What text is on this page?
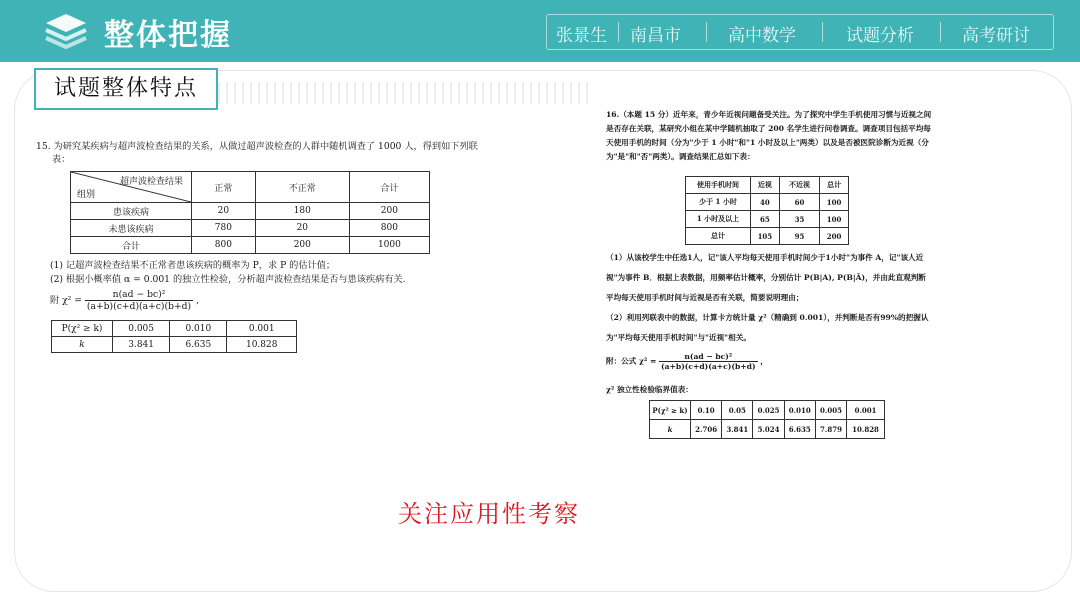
整体把握	张景生 南昌市	高中数学	试题分析	高考研讨
试题整体特点
15. 为研究某疾病与超声波检查结果的关系，从做过超声波检查的人群中随机调查了 1000 人，得到如下列联
表：
超声波检查结果
组别	正常	不正常	合计
患该疾病	20	180	200
未患该疾病	780	20	800
合计	800	200	1000
(1) 记超声波检查结果不正常者患该疾病的概率为 P，求 P 的估计值；
(2) 根据小概率值 α = 0.001 的独立性检验，分析超声波检查结果是否与患该疾病有关.
附 $\chi^2 = \frac{\text{n(ad − bc)²}}{(a+b)(c+d)(a+c)(b+d)}$ ,
P(χ² ≥ k)	0.005	0.010	0.001
k	3.841	6.635	10.828
16.（本题 15 分）近年来，青少年近视问题备受关注。为了探究中学生手机使用习惯与近视之间
是否存在关联，某研究小组在某中学随机抽取了 200 名学生进行问卷调查。调查项目包括平均每
天使用手机的时间（分为"少于 1 小时"和"1 小时及以上"两类）以及是否被医院诊断为近视（分
为"是"和"否"两类）。调查结果汇总如下表：
使用手机时间	近视	不近视	总计
少于 1 小时	40	60	100
1 小时及以上	65	35	100
总计	105	95	200
（1）从该校学生中任选1人，记"该人平均每天使用手机时间少于1小时"为事件 A，记"该人近
视"为事件 B．根据上表数据，用频率估计概率，分别估计 P(B|A), P(B|Ā)，并由此直观判断
平均每天使用手机时间与近视是否有关联，简要说明理由；
（2）利用列联表中的数据，计算卡方统计量 χ²（精确到 0.001），并判断是否有99%的把握认
为"平均每天使用手机时间"与"近视"相关。
附：公式 $\chi^2 = \frac{\text{n(ad − bc)²}}{(a+b)(c+d)(a+c)(b+d)}$ ，
χ² 独立性检验临界值表：
P(χ² ≥ k)	0.10	0.05	0.025	0.010	0.005	0.001
k	2.706	3.841	5.024	6.635	7.879	10.828
关注应用性考察
